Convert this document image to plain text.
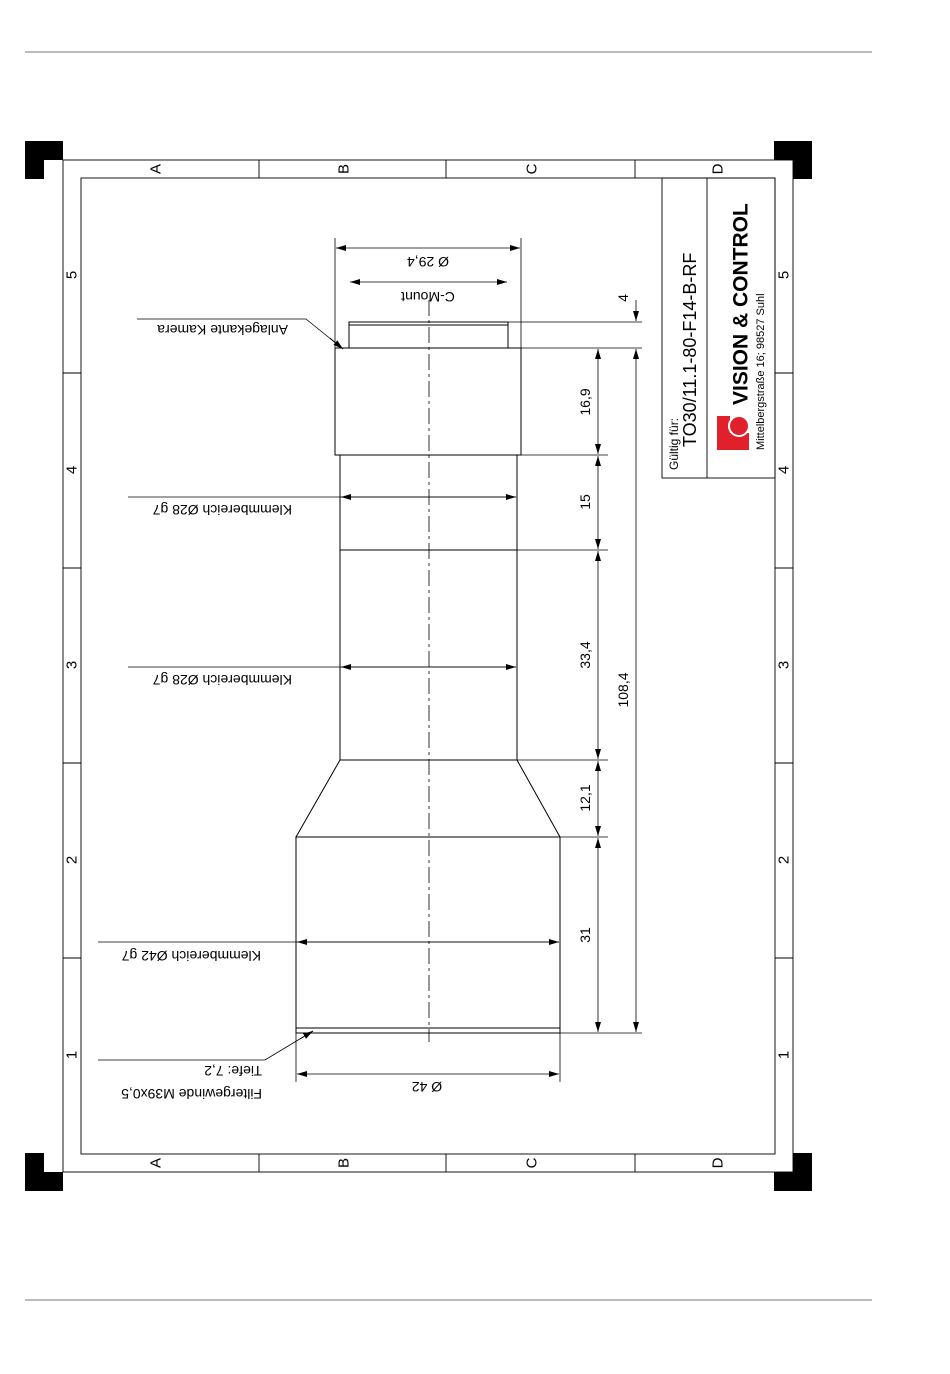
A	B	C	D
A	B	C	D
1
2
3
4
5
1
2
3
4
5
Gültig für: TO30/11.1-80-F14-B-RF VISION & CONTROL Mittelbergstraße 16; 98527 Suhl
Ø 29,4
C-Mount
Ø 42
4
16,9
15
33,4
12,1
31
108,4
Anlagekante Kamera
Klemmbereich Ø28 g7
Klemmbereich Ø28 g7
Klemmbereich Ø42 g7
Tiefe: 7,2
Filtergewinde M39x0,5
